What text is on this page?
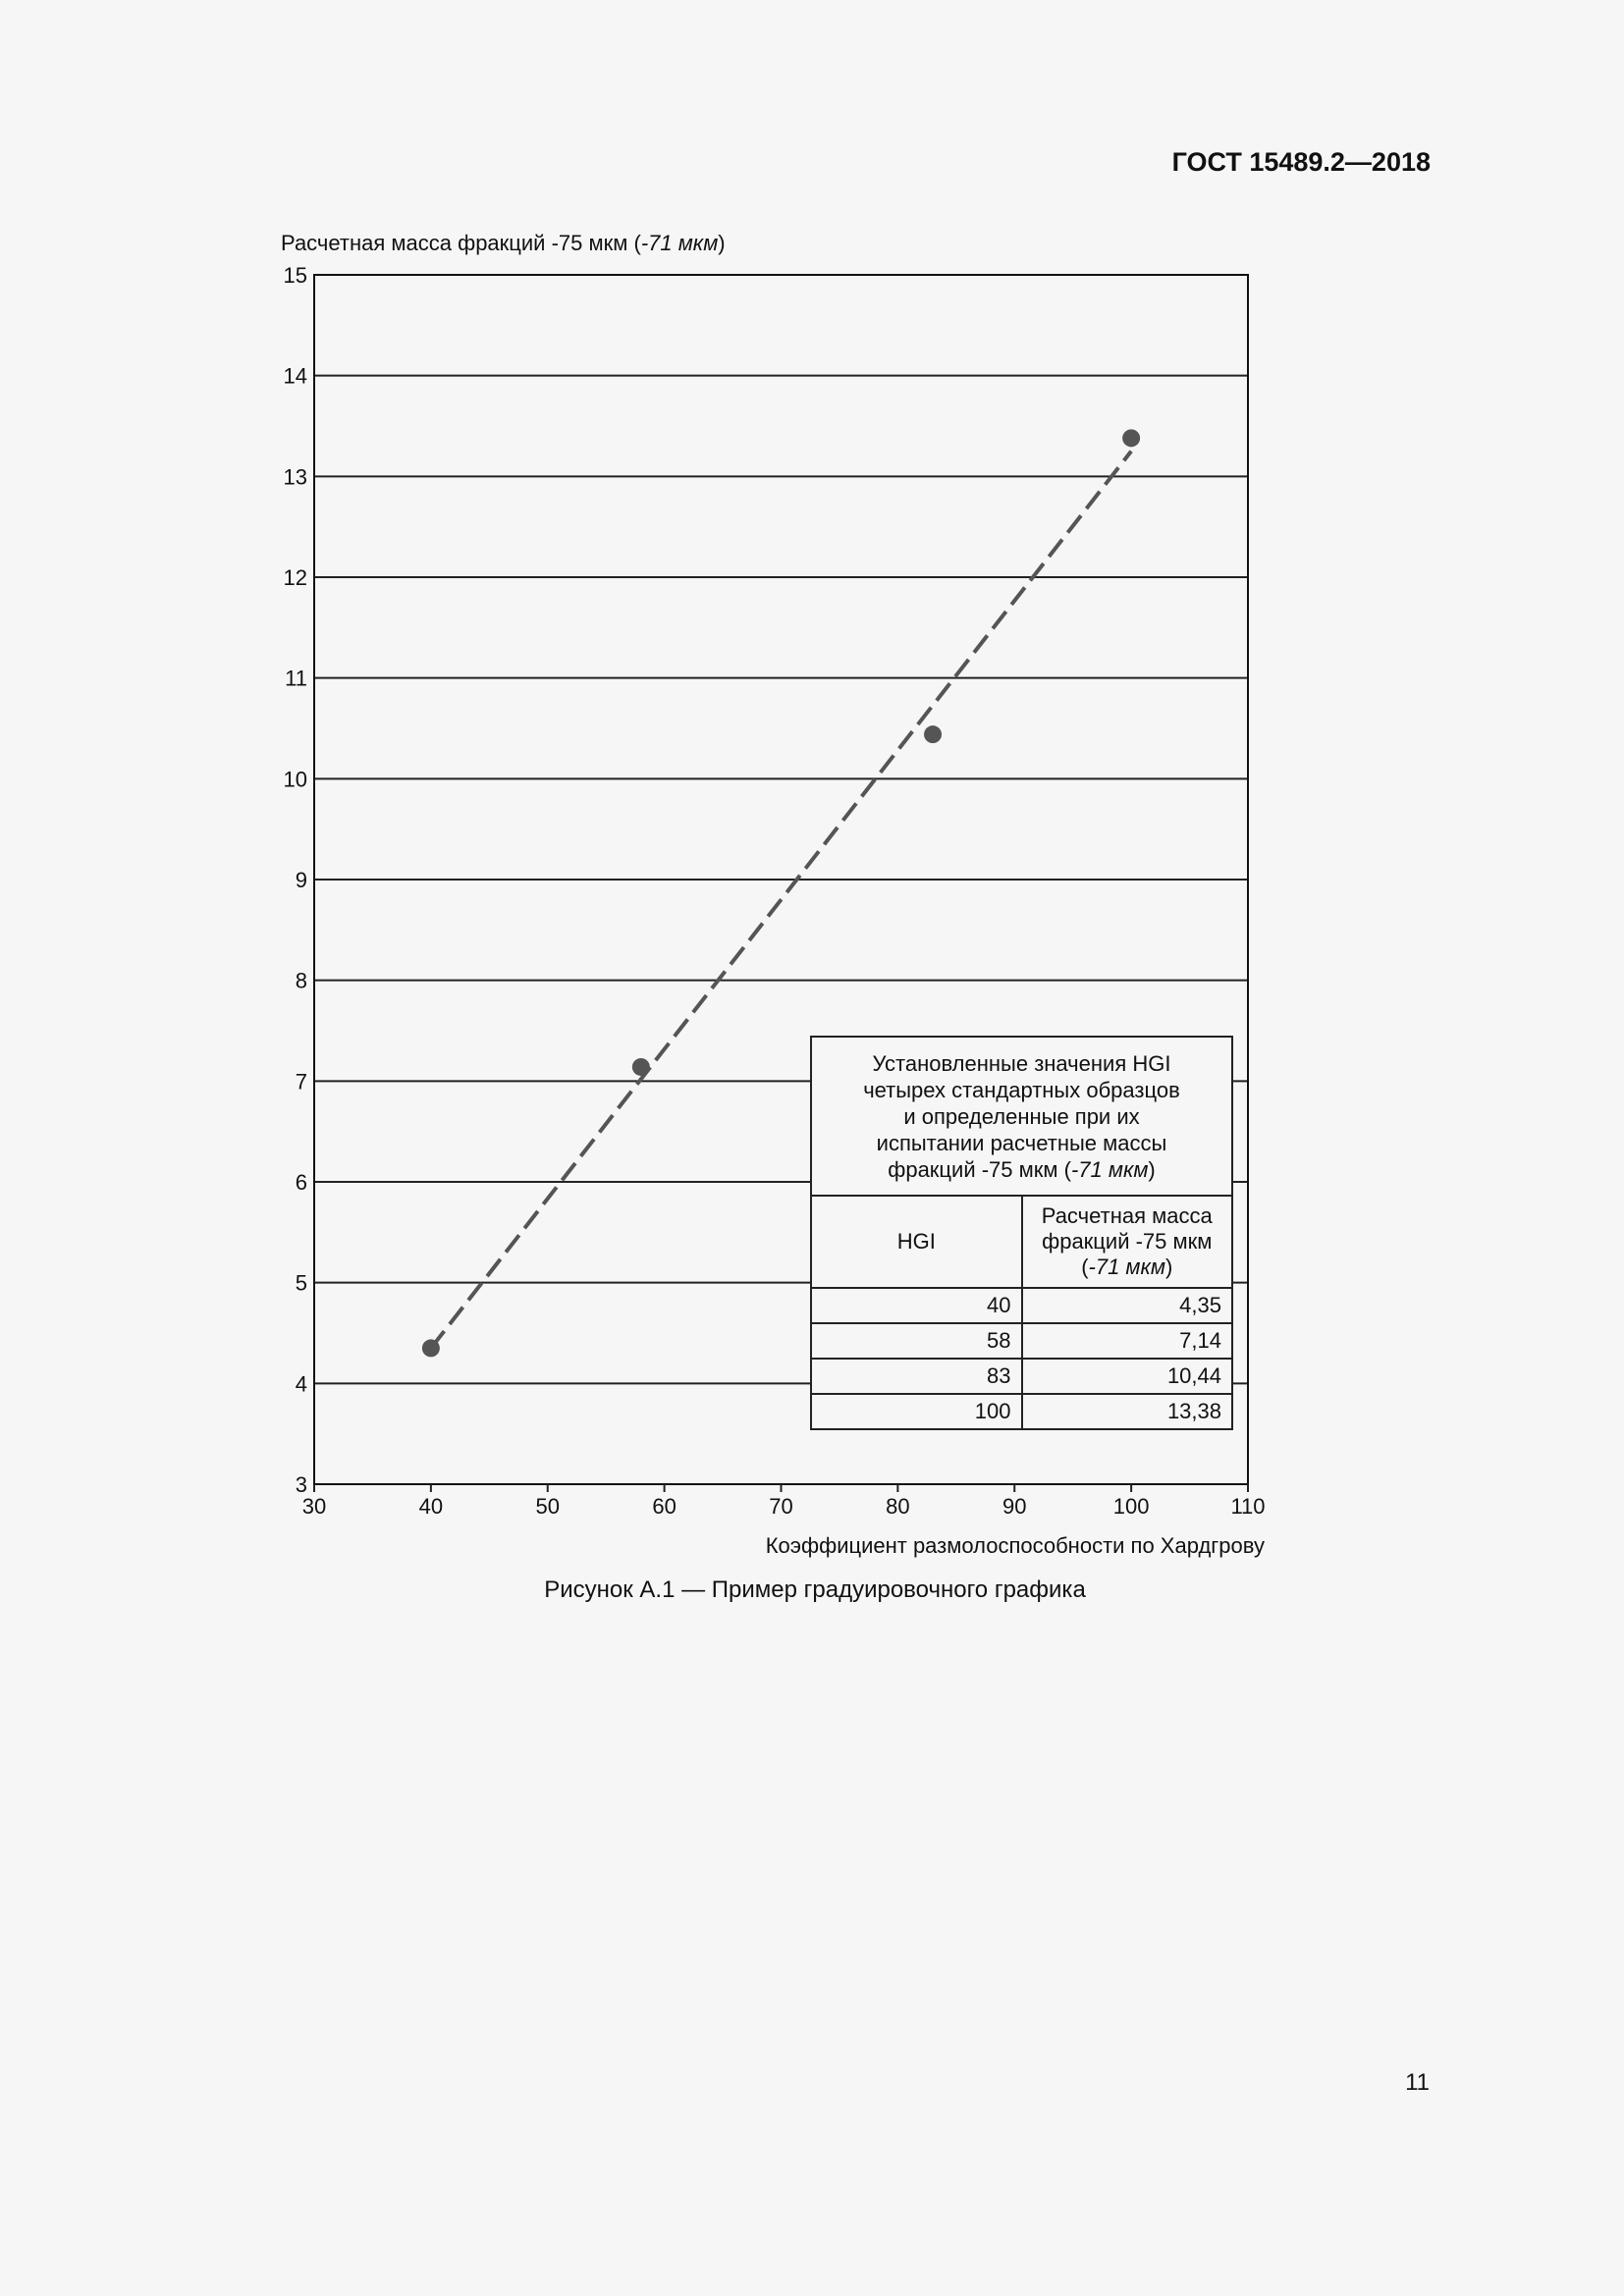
ГОСТ 15489.2—2018
Расчетная масса фракций -75 мкм (-71 мкм)
3
4
5
6
7
8
9
10
11
12
13
14
15
30	40	50	60	70	80	90	100	110
Коэффициент размолоспособности по Хардгрову
Установленные значения HGI
четырех стандартных образцов
и определенные при их
испытании расчетные массы
фракций -75 мкм (-71 мкм)	

HGI	Расчетная масса
фракций -75 мкм
(-71 мкм)

40	4,35
58	7,14
83	10,44
100	13,38
Рисунок А.1 — Пример градуировочного графика
11
